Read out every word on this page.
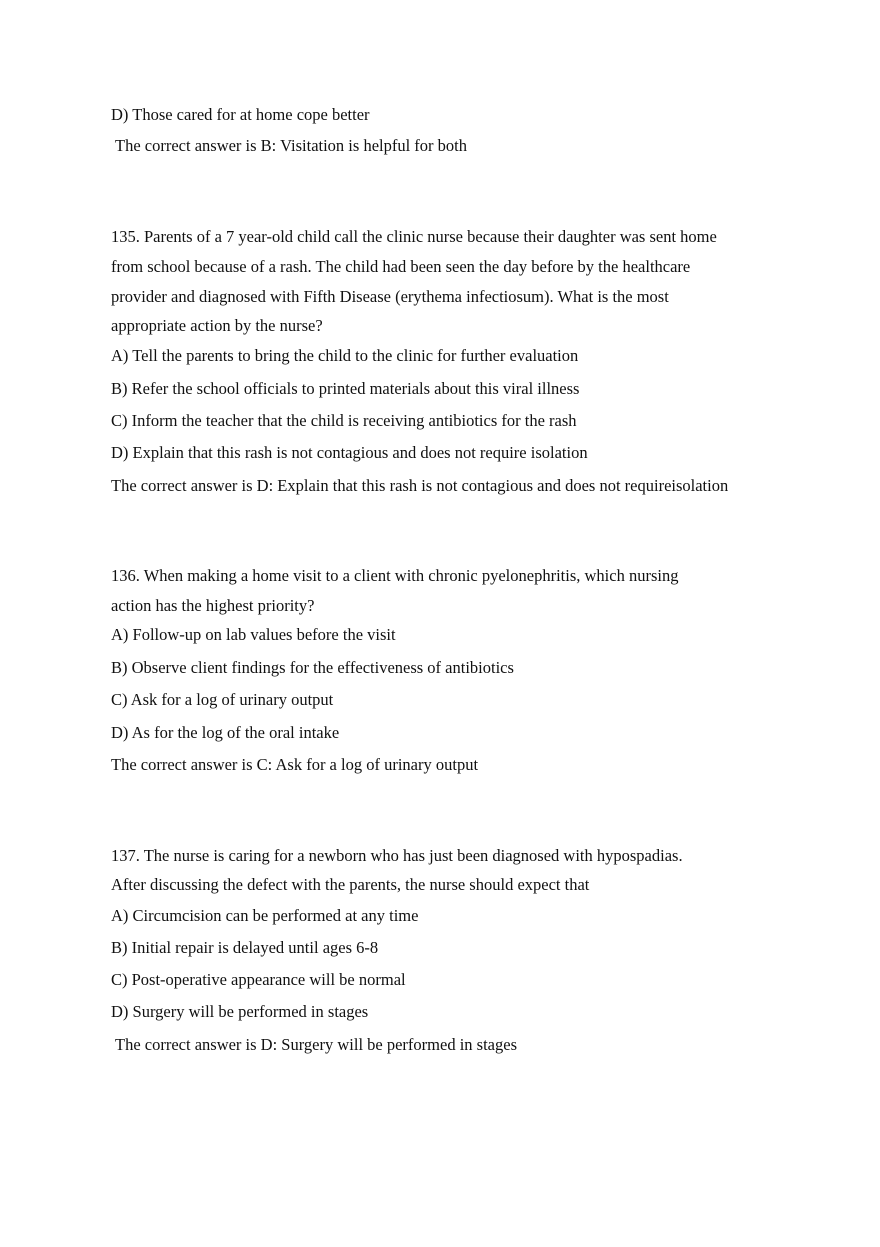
D) Those cared for at home cope better
The correct answer is B: Visitation is helpful for both
135. Parents of a 7 year-old child call the clinic nurse because their daughter was sent home
from school because of a rash. The child had been seen the day before by the healthcare
provider and diagnosed with Fifth Disease (erythema infectiosum). What is the most
appropriate action by the nurse?
A) Tell the parents to bring the child to the clinic for further evaluation
B) Refer the school officials to printed materials about this viral illness
C) Inform the teacher that the child is receiving antibiotics for the rash
D) Explain that this rash is not contagious and does not require isolation
The correct answer is D: Explain that this rash is not contagious and does not requireisolation
136. When making a home visit to a client with chronic pyelonephritis, which nursing
action has the highest priority?
A) Follow-up on lab values before the visit
B) Observe client findings for the effectiveness of antibiotics
C) Ask for a log of urinary output
D) As for the log of the oral intake
The correct answer is C: Ask for a log of urinary output
137. The nurse is caring for a newborn who has just been diagnosed with hypospadias.
After discussing the defect with the parents, the nurse should expect that
A) Circumcision can be performed at any time
B) Initial repair is delayed until ages 6-8
C) Post-operative appearance will be normal
D) Surgery will be performed in stages
The correct answer is D: Surgery will be performed in stages
